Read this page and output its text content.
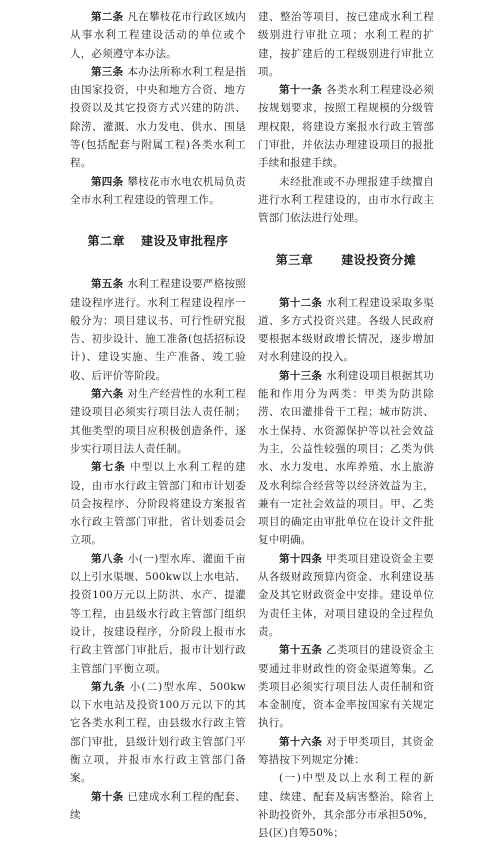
第二条 凡在攀枝花市行政区域内从事水利工程建设活动的单位或个人，必须遵守本办法。

第三条 本办法所称水利工程是指由国家投资，中央和地方合资、地方投资以及其它投资方式兴建的防洪、除涝、灌溉、水力发电、供水、围垦等(包括配套与附属工程)各类水利工程。

第四条 攀枝花市水电农机局负责全市水利工程建设的管理工作。

第二章 建设及审批程序

第五条 水利工程建设要严格按照建设程序进行。水利工程建设程序一般分为：项目建议书、可行性研究报告、初步设计、施工准备(包括招标设计)、建设实施、生产准备、竣工验收、后评价等阶段。

第六条 对生产经营性的水利工程建设项目必须实行项目法人责任制；其他类型的项目应积极创造条件，逐步实行项目法人责任制。

第七条 中型以上水利工程的建设，由市水行政主管部门和市计划委员会按程序、分阶段将建设方案报省水行政主管部门审批，省计划委员会立项。

第八条 小(一)型水库、灌面千亩以上引水渠堰、500kw以上水电站、投资100万元以上防洪、水产、提灌等工程，由县级水行政主管部门组织设计，按建设程序，分阶段上报市水行政主管部门审批后，报市计划行政主管部门平衡立项。

第九条 小(二)型水库、500kw以下水电站及投资100万元以下的其它各类水利工程，由县级水行政主管部门审批，县级计划行政主管部门平衡立项，并报市水行政主管部门备案。

第十条 已建成水利工程的配套、续

建、整治等项目，按已建成水利工程级别进行审批立项；水利工程的扩建，按扩建后的工程级别进行审批立项。

第十一条 各类水利工程建设必须按规划要求，按照工程规模的分级管理权限，将建设方案报水行政主管部门审批，并依法办理建设项目的报批手续和报建手续。

未经批准或不办理报建手续擅自进行水利工程建设的，由市水行政主管部门依法进行处理。

第三章 建设投资分摊

第十二条 水利工程建设采取多渠道、多方式投资兴建。各级人民政府要根据本级财政增长情况，逐步增加对水利建设的投入。

第十三条 水利建设项目根据其功能和作用分为两类：甲类为防洪除涝、农田灌排骨干工程；城市防洪、水土保持、水资源保护等以社会效益为主，公益性较强的项目；乙类为供水、水力发电、水库养殖、水上旅游及水利综合经营等以经济效益为主，兼有一定社会效益的项目。甲、乙类项目的确定由审批单位在设计文件批复中明确。

第十四条 甲类项目建设资金主要从各级财政预算内资金、水利建设基金及其它财政资金中安排。建设单位为责任主体，对项目建设的全过程负责。

第十五条 乙类项目的建设资金主要通过非财政性的资金渠道筹集。乙类项目必须实行项目法人责任制和资本金制度，资本金率按国家有关规定执行。

第十六条 对于甲类项目，其资金筹措按下列规定分摊：

(一)中型及以上水利工程的新建、续建、配套及病害整治，除省上补助投资外，其余部分市承担50%，县(区)自筹50%；
